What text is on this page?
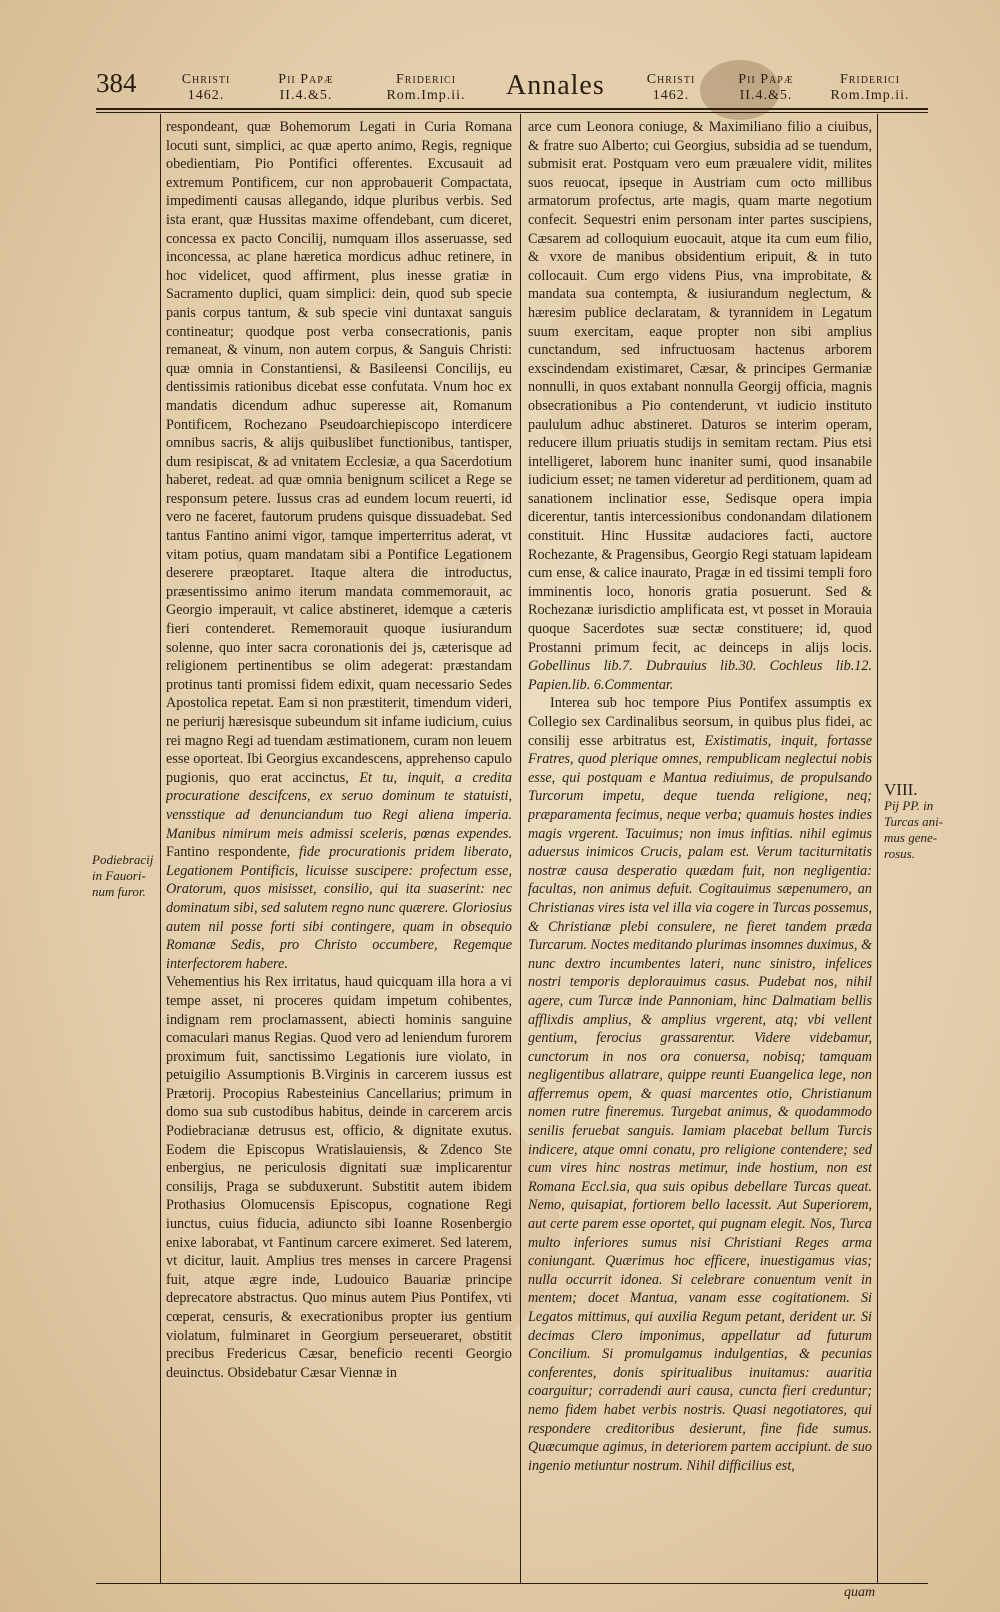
384	Christi
1462.
Pii Papæ
II.4.&5.
Friderici
Rom.Imp.ii.	Annales	Christi
1462.
Pii Papæ
II.4.&5.
Friderici
Rom.Imp.ii.

respondeant, quæ Bohemorum Legati in Curia Romana locuti sunt, simplici, ac quæ aperto animo, Regis, regnique obedientiam, Pio Pontifici offerentes. Excusauit ad extremum Pontificem, cur non approbauerit Compactata, impedimenti causas allegando, idque pluribus verbis. Sed ista erant, quæ Hussitas maxime offendebant, cum diceret, concessa ex pacto Concilij, numquam illos asseruasse, sed inconcessa, ac plane hæretica mordicus adhuc retinere, in hoc videlicet, quod affirment, plus inesse gratiæ in Sacramento duplici, quam simplici: dein, quod sub specie panis corpus tantum, & sub specie vini duntaxat sanguis contineatur; quodque post verba consecrationis, panis remaneat, & vinum, non autem corpus, & Sanguis Christi: quæ omnia in Constantiensi, & Basileensi Concilijs, eu dentissimis rationibus dicebat esse confutata. Vnum hoc ex mandatis dicendum adhuc superesse ait, Romanum Pontificem, Rochezano Pseudoarchiepiscopo interdicere omnibus sacris, & alijs quibuslibet functionibus, tantisper, dum resipiscat, & ad vnitatem Ecclesiæ, a qua Sacerdotium haberet, redeat. ad quæ omnia benignum scilicet a Rege se responsum petere. Iussus cras ad eundem locum reuerti, id vero ne faceret, fautorum prudens quisque dissuadebat. Sed tantus Fantino animi vigor, tamque imperterritus aderat, vt vitam potius, quam mandatam sibi a Pontifice Legationem deserere præoptaret. Itaque altera die introductus, præsentissimo animo iterum mandata commemorauit, ac Georgio imperauit, vt calice abstineret, idemque a cæteris fieri contenderet. Rememorauit quoque iusiurandum solenne, quo inter sacra coronationis dei js, cæterisque ad religionem pertinentibus se olim adegerat: præstandam protinus tanti promissi fidem edixit, quam necessario Sedes Apostolica repetat. Eam si non præstiterit, timendum videri, ne periurij hæresisque subeundum sit infame iudicium, cuius rei magno Regi ad tuendam æstimationem, curam non leuem esse oporteat. Ibi Georgius excandescens, apprehenso capulo pugionis, quo erat accinctus, Et tu, inquit, a credita procuratione descifcens, ex seruo dominum te statuisti, vensstique ad denunciandum tuo Regi aliena imperia. Manibus nimirum meis admissi sceleris, pœnas expendes. Fantino respondente, fide procurationis pridem liberato, Legationem Pontificis, licuisse suscipere: profectum esse, Oratorum, quos misisset, consilio, qui ita suaserint: nec dominatum sibi, sed salutem regno nunc quærere. Gloriosius autem nil posse forti sibi contingere, quam in obsequio Romanæ Sedis, pro Christo occumbere, Regemque interfectorem habere.

Vehementius his Rex irritatus, haud quicquam illa hora a vi tempe asset, ni proceres quidam impetum cohibentes, indignam rem proclamassent, abiecti hominis sanguine comaculari manus Regias. Quod vero ad leniendum furorem proximum fuit, sanctissimo Legationis iure violato, in petuigilio Assumptionis B.Virginis in carcerem iussus est Prætorij. Procopius Rabesteinius Cancellarius; primum in domo sua sub custodibus habitus, deinde in carcerem arcis Podiebracianæ detrusus est, officio, & dignitate exutus. Eodem die Episcopus Wratislauiensis, & Zdenco Ste enbergius, ne periculosis dignitati suæ implicarentur consilijs, Praga se subduxerunt. Substitit autem ibidem Prothasius Olomucensis Episcopus, cognatione Regi iunctus, cuius fiducia, adiuncto sibi Ioanne Rosenbergio enixe laborabat, vt Fantinum carcere eximeret. Sed laterem, vt dicitur, lauit. Amplius tres menses in carcere Pragensi fuit, atque ægre inde, Ludouico Bauariæ principe deprecatore abstractus. Quo minus autem Pius Pontifex, vti cœperat, censuris, & execrationibus propter ius gentium violatum, fulminaret in Georgium perseueraret, obstitit precibus Fredericus Cæsar, beneficio recenti Georgio deuinctus. Obsidebatur Cæsar Viennæ in

arce cum Leonora coniuge, & Maximiliano filio a ciuibus, & fratre suo Alberto; cui Georgius, subsidia ad se tuendum, submisit erat. Postquam vero eum præualere vidit, milites suos reuocat, ipseque in Austriam cum octo millibus armatorum profectus, arte magis, quam marte negotium confecit. Sequestri enim personam inter partes suscipiens, Cæsarem ad colloquium euocauit, atque ita cum eum filio, & vxore de manibus obsidentium eripuit, & in tuto collocauit. Cum ergo videns Pius, vna improbitate, & mandata sua contempta, & iusiurandum neglectum, & hæresim publice declaratam, & tyrannidem in Legatum suum exercitam, eaque propter non sibi amplius cunctandum, sed infructuosam hactenus arborem exscindendam existimaret, Cæsar, & principes Germaniæ nonnulli, in quos extabant nonnulla Georgij officia, magnis obsecrationibus a Pio contenderunt, vt iudicio instituto paululum adhuc abstineret. Daturos se interim operam, reducere illum priuatis studijs in semitam rectam. Pius etsi intelligeret, laborem hunc inaniter sumi, quod insanabile iudicium esset; ne tamen videretur ad perditionem, quam ad sanationem inclinatior esse, Sedisque opera impia dicerentur, tantis intercessionibus condonandam dilationem constituit. Hinc Hussitæ audaciores facti, auctore Rochezante, & Pragensibus, Georgio Regi statuam lapideam cum ense, & calice inaurato, Pragæ in ed tissimi templi foro imminentis loco, honoris gratia posuerunt. Sed & Rochezanæ iurisdictio amplificata est, vt posset in Morauia quoque Sacerdotes suæ sectæ constituere; id, quod Prostanni primum fecit, ac deinceps in alijs locis. Gobellinus lib.7. Dubrauius lib.30. Cochleus lib.12. Papien.lib. 6.Commentar.

Interea sub hoc tempore Pius Pontifex assumptis ex Collegio sex Cardinalibus seorsum, in quibus plus fidei, ac consilij esse arbitratus est, Existimatis, inquit, fortasse Fratres, quod plerique omnes, rempublicam neglectui nobis esse, qui postquam e Mantua rediuimus, de propulsando Turcorum impetu, deque tuenda religione, neq; præparamenta fecimus, neque verba; quamuis hostes indies magis vrgerent. Tacuimus; non imus infitias. nihil egimus aduersus inimicos Crucis, palam est. Verum taciturnitatis nostræ causa desperatio quædam fuit, non negligentia: facultas, non animus defuit. Cogitauimus sæpenumero, an Christianas vires ista vel illa via cogere in Turcas possemus, & Christianæ plebi consulere, ne fieret tandem præda Turcarum. Noctes meditando plurimas insomnes duximus, & nunc dextro incumbentes lateri, nunc sinistro, infelices nostri temporis deplorauimus casus. Pudebat nos, nihil agere, cum Turcæ inde Pannoniam, hinc Dalmatiam bellis afflixdis amplius, & amplius vrgerent, atq; vbi vellent gentium, ferocius grassarentur. Videre videbamur, cunctorum in nos ora conuersa, nobisq; tamquam negligentibus allatrare, quippe reunti Euangelica lege, non afferremus opem, & quasi marcentes otio, Christianum nomen rutre fineremus. Turgebat animus, & quodammodo senilis feruebat sanguis. Iamiam placebat bellum Turcis indicere, atque omni conatu, pro religione contendere; sed cum vires hinc nostras metimur, inde hostium, non est Romana Eccl.sia, qua suis opibus debellare Turcas queat. Nemo, quisapiat, fortiorem bello lacessit. Aut Superiorem, aut certe parem esse oportet, qui pugnam elegit. Nos, Turca multo inferiores sumus nisi Christiani Reges arma coniungant. Quærimus hoc efficere, inuestigamus vias; nulla occurrit idonea. Si celebrare conuentum venit in mentem; docet Mantua, vanam esse cogitationem. Si Legatos mittimus, qui auxilia Regum petant, derident ur. Si decimas Clero imponimus, appellatur ad futurum Concilium. Si promulgamus indulgentias, & pecunias conferentes, donis spiritualibus inuitamus: auaritia coarguitur; corradendi auri causa, cuncta fieri creduntur; nemo fidem habet verbis nostris. Quasi negotiatores, qui respondere creditoribus desierunt, fine fide sumus. Quæcumque agimus, in deteriorem partem accipiunt. de suo ingenio metiuntur nostrum. Nihil difficilius est,

Podiebracij in Fauori-num furor.
VIII.
Pij PP. in Turcas ani-mus gene-rosus.
quam
